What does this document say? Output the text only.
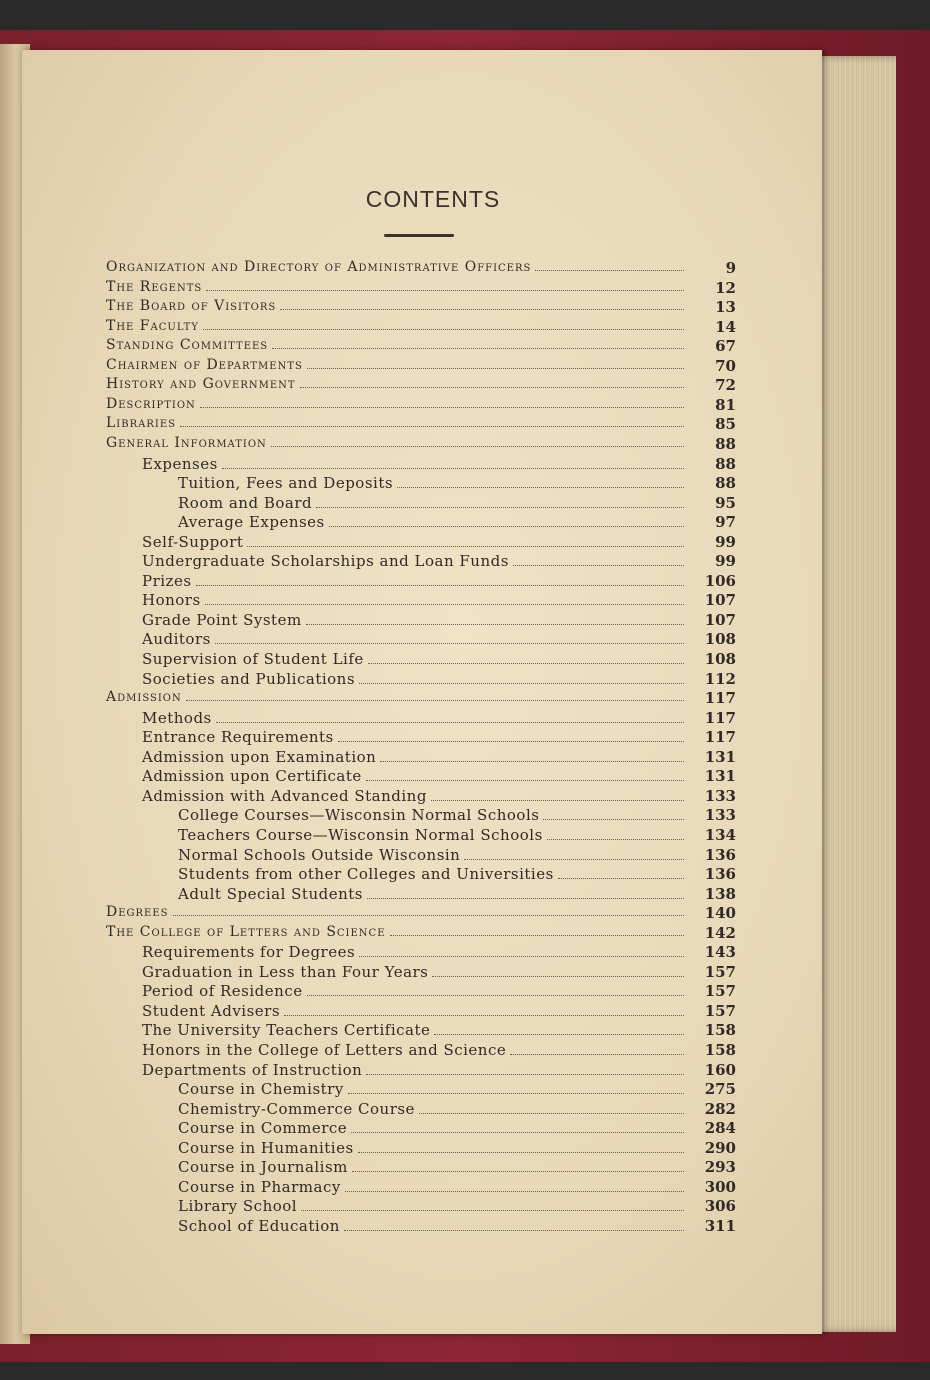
CONTENTS
Organization and Directory of Administrative Officers	9
The Regents	12
The Board of Visitors	13
The Faculty	14
Standing Committees	67
Chairmen of Departments	70
History and Government	72
Description	81
Libraries	85
General Information	88
Expenses	88
Tuition, Fees and Deposits	88
Room and Board	95
Average Expenses	97
Self-Support	99
Undergraduate Scholarships and Loan Funds	99
Prizes	106
Honors	107
Grade Point System	107
Auditors	108
Supervision of Student Life	108
Societies and Publications	112
Admission	117
Methods	117
Entrance Requirements	117
Admission upon Examination	131
Admission upon Certificate	131
Admission with Advanced Standing	133
College Courses—Wisconsin Normal Schools	133
Teachers Course—Wisconsin Normal Schools	134
Normal Schools Outside Wisconsin	136
Students from other Colleges and Universities	136
Adult Special Students	138
Degrees	140
The College of Letters and Science	142
Requirements for Degrees	143
Graduation in Less than Four Years	157
Period of Residence	157
Student Advisers	157
The University Teachers Certificate	158
Honors in the College of Letters and Science	158
Departments of Instruction	160
Course in Chemistry	275
Chemistry-Commerce Course	282
Course in Commerce	284
Course in Humanities	290
Course in Journalism	293
Course in Pharmacy	300
Library School	306
School of Education	311
